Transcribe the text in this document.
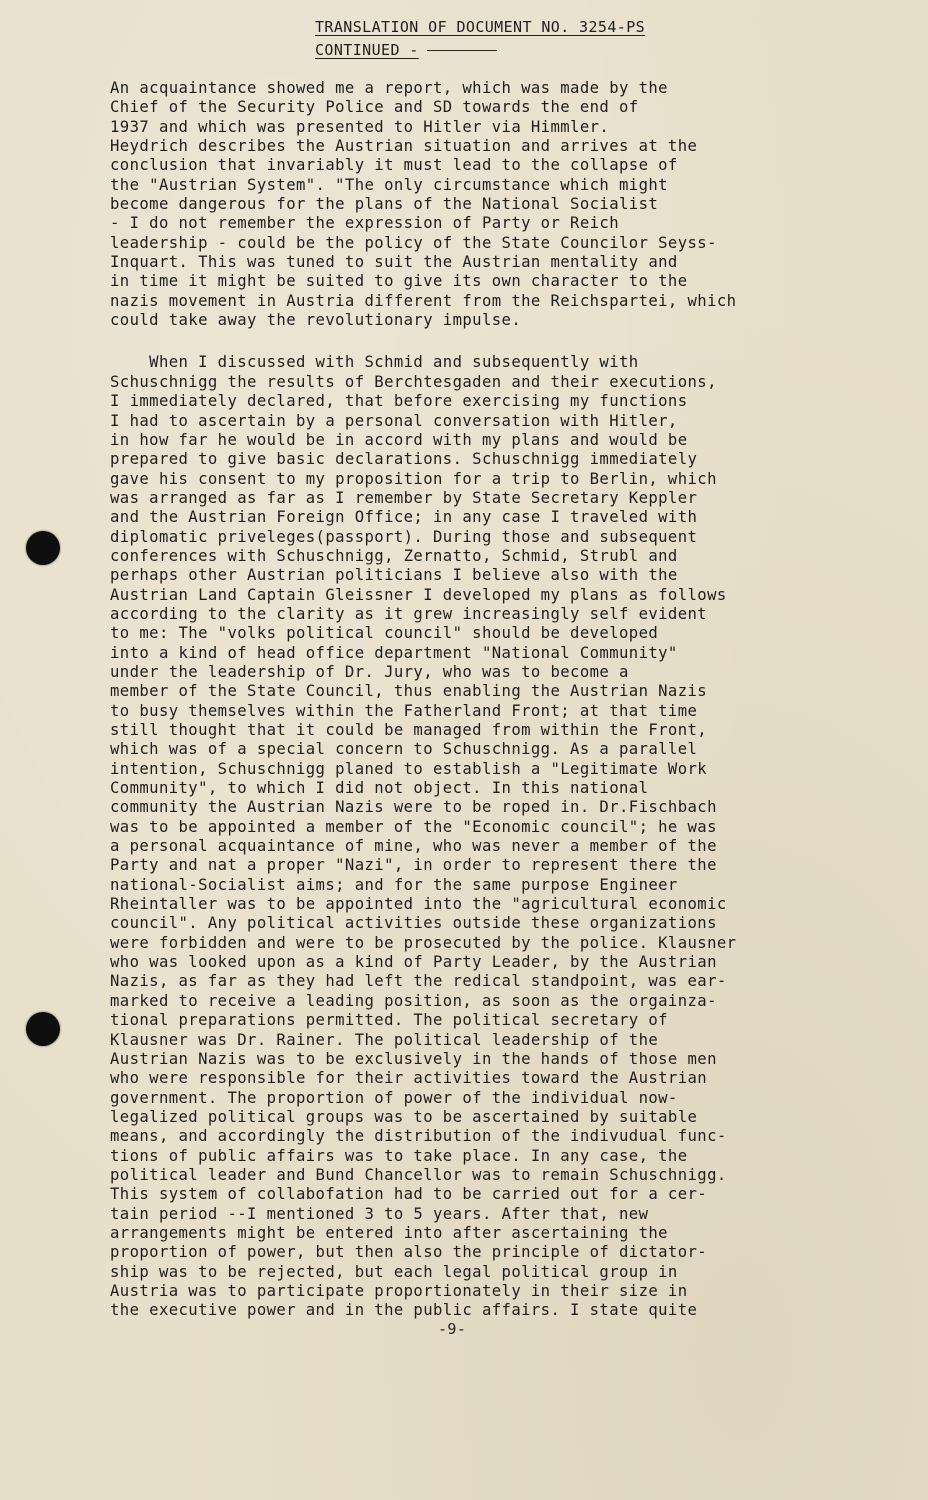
TRANSLATION OF DOCUMENT NO. 3254-PS
CONTINUED -

An acquaintance showed me a report, which was made by the
Chief of the Security Police and SD towards the end of
1937 and which was presented to Hitler via Himmler.
Heydrich describes the Austrian situation and arrives at the
conclusion that invariably it must lead to the collapse of
the "Austrian System". "The only circumstance which might
become dangerous for the plans of the National Socialist
- I do not remember the expression of Party or Reich
leadership - could be the policy of the State Councilor Seyss-
Inquart. This was tuned to suit the Austrian mentality and
in time it might be suited to give its own character to the
nazis movement in Austria different from the Reichspartei, which
could take away the revolutionary impulse.

When I discussed with Schmid and subsequently with
Schuschnigg the results of Berchtesgaden and their executions,
I immediately declared, that before exercising my functions
I had to ascertain by a personal conversation with Hitler,
in how far he would be in accord with my plans and would be
prepared to give basic declarations. Schuschnigg immediately
gave his consent to my proposition for a trip to Berlin, which
was arranged as far as I remember by State Secretary Keppler
and the Austrian Foreign Office; in any case I traveled with
diplomatic priveleges(passport). During those and subsequent
conferences with Schuschnigg, Zernatto, Schmid, Strubl and
perhaps other Austrian politicians I believe also with the
Austrian Land Captain Gleissner I developed my plans as follows
according to the clarity as it grew increasingly self evident
to me: The "volks political council" should be developed
into a kind of head office department "National Community"
under the leadership of Dr. Jury, who was to become a
member of the State Council, thus enabling the Austrian Nazis
to busy themselves within the Fatherland Front; at that time
still thought that it could be managed from within the Front,
which was of a special concern to Schuschnigg. As a parallel
intention, Schuschnigg planed to establish a "Legitimate Work
Community", to which I did not object. In this national
community the Austrian Nazis were to be roped in. Dr.Fischbach
was to be appointed a member of the "Economic council"; he was
a personal acquaintance of mine, who was never a member of the
Party and nat a proper "Nazi", in order to represent there the
national-Socialist aims; and for the same purpose Engineer
Rheintaller was to be appointed into the "agricultural economic
council". Any political activities outside these organizations
were forbidden and were to be prosecuted by the police. Klausner
who was looked upon as a kind of Party Leader, by the Austrian
Nazis, as far as they had left the redical standpoint, was ear-
marked to receive a leading position, as soon as the orgainza-
tional preparations permitted. The political secretary of
Klausner was Dr. Rainer. The political leadership of the
Austrian Nazis was to be exclusively in the hands of those men
who were responsible for their activities toward the Austrian
government. The proportion of power of the individual now-
legalized political groups was to be ascertained by suitable
means, and accordingly the distribution of the indivudual func-
tions of public affairs was to take place. In any case, the
political leader and Bund Chancellor was to remain Schuschnigg.
This system of collabofation had to be carried out for a cer-
tain period --I mentioned 3 to 5 years. After that, new
arrangements might be entered into after ascertaining the
proportion of power, but then also the principle of dictator-
ship was to be rejected, but each legal political group in
Austria was to participate proportionately in their size in
the executive power and in the public affairs. I state quite

-9-
